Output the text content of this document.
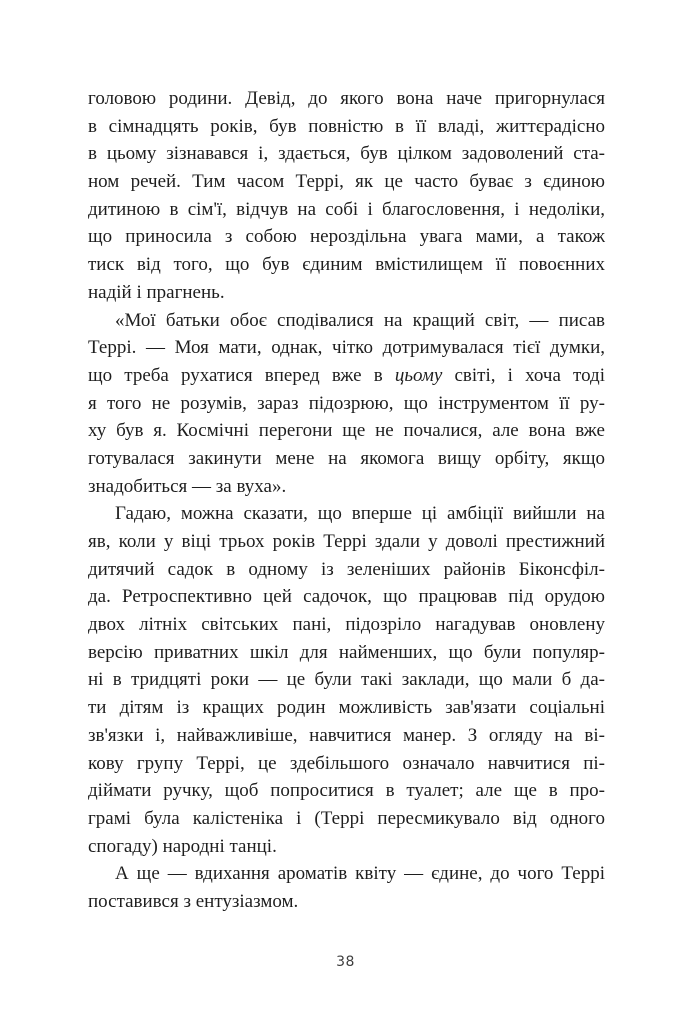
головою родини. Девід, до якого вона наче пригорнулася
в сімнадцять років, був повністю в її владі, життєрадісно
в цьому зізнавався і, здається, був цілком задоволений ста-
ном речей. Тим часом Террі, як це часто буває з єдиною
дитиною в сім'ї, відчув на собі і благословення, і недоліки,
що приносила з собою нероздільна увага мами, а також
тиск від того, що був єдиним вмістилищем її повоєнних
надій і прагнень.
«Мої батьки обоє сподівалися на кращий світ, — писав
Террі. — Моя мати, однак, чітко дотримувалася тієї думки,
що треба рухатися вперед вже в цьому світі, і хоча тоді
я того не розумів, зараз підозрюю, що інструментом її ру-
ху був я. Космічні перегони ще не почалися, але вона вже
готувалася закинути мене на якомога вищу орбіту, якщо
знадобиться — за вуха».
Гадаю, можна сказати, що вперше ці амбіції вийшли на
яв, коли у віці трьох років Террі здали у доволі престижний
дитячий садок в одному із зеленіших районів Біконсфіл-
да. Ретроспективно цей садочок, що працював під орудою
двох літніх світських пані, підозріло нагадував оновлену
версію приватних шкіл для найменших, що були популяр-
ні в тридцяті роки — це були такі заклади, що мали б да-
ти дітям із кращих родин можливість зав'язати соціальні
зв'язки і, найважливіше, навчитися манер. З огляду на ві-
кову групу Террі, це здебільшого означало навчитися пі-
діймати ручку, щоб попроситися в туалет; але ще в про-
грамі була калістеніка і (Террі пересмикувало від одного
спогаду) народні танці.
А ще — вдихання ароматів квіту — єдине, до чого Террі
поставився з ентузіазмом.
38
